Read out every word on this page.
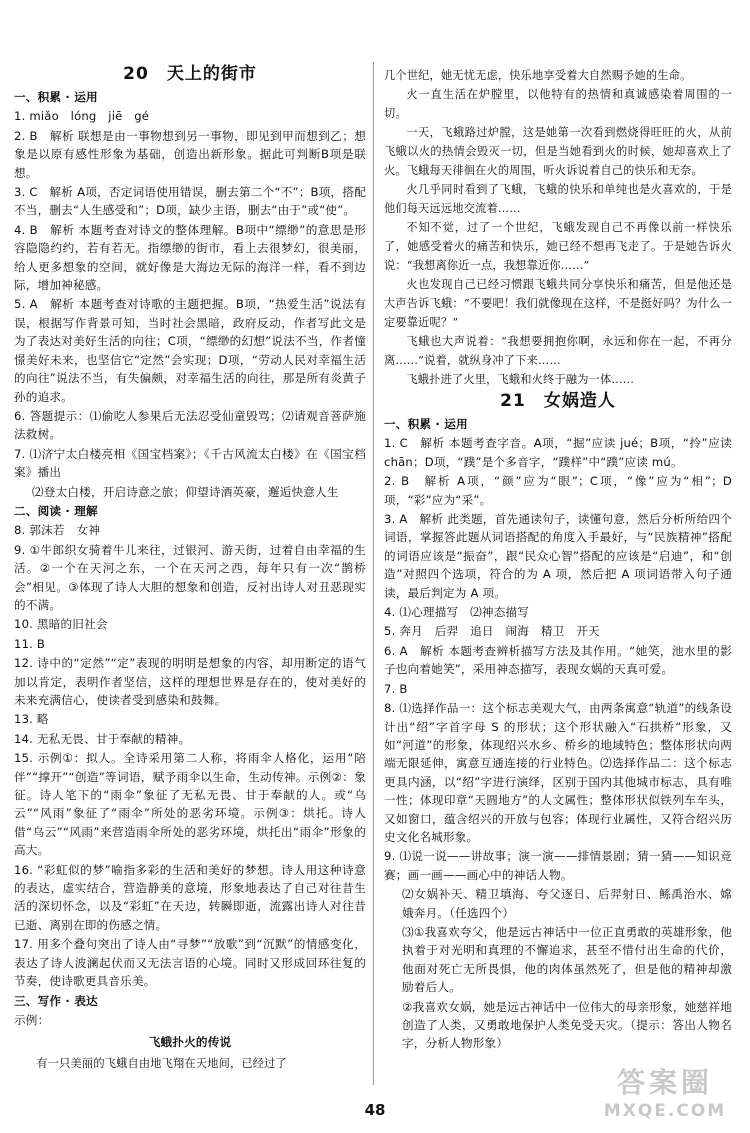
20　天上的街市
一、积累 · 运用

1. miǎo　lóng　jiē　gé

2. B　解析 联想是由一事物想到另一事物，即见到甲而想到乙；想象是以原有感性形象为基础，创造出新形象。据此可判断B项是联想。

3. C　解析 A项，否定词语使用错误，删去第二个“不”；B项，搭配不当，删去“人生感受和”；D项，缺少主语，删去“由于”或“使”。

4. B　解析 本题考查对诗文的整体理解。B项中“缥缈”的意思是形容隐隐约约，若有若无。指缥缈的街市，看上去很梦幻，很美丽，给人更多想象的空间，就好像是大海边无际的海洋一样，看不到边际，增加神秘感。

5. A　解析 本题考查对诗歌的主题把握。B项，“热爱生活”说法有误，根据写作背景可知，当时社会黑暗，政府反动，作者写此文是为了表达对美好生活的向往；C项，“缥缈的幻想”说法不当，作者憧憬美好未来，也坚信它“定然”会实现；D项，“劳动人民对幸福生活的向往”说法不当，有失偏颇，对幸福生活的向往，那是所有炎黄子孙的追求。

6. 答题提示：⑴偷吃人参果后无法忍受仙童毁骂；⑵请观音菩萨施法救树。

7. ⑴济宁太白楼亮相《国宝档案》；《千古风流太白楼》在《国宝档案》播出

⑵登太白楼，开启诗意之旅；仰望诗酒英豪，邂逅快意人生

二、阅读 · 理解

8. 郭沫若　女神

9. ①牛郎织女骑着牛儿来往，过银河、游天街，过着自由幸福的生活。②一个在天河之东，一个在天河之西，每年只有一次“鹊桥会”相见。③体现了诗人大胆的想象和创造，反衬出诗人对丑恶现实的不满。

10. 黑暗的旧社会

11. B

12. 诗中的“定然”“定”表现的明明是想象的内容，却用断定的语气加以肯定，表明作者坚信，这样的理想世界是存在的，使对美好的未来充满信心，使读者受到感染和鼓舞。

13. 略

14. 无私无畏、甘于奉献的精神。

15. 示例①：拟人。全诗采用第二人称，将雨伞人格化，运用“陪伴”“撑开”“创造”等词语，赋予雨伞以生命，生动传神。示例②：象征。诗人笔下的“雨伞”象征了无私无畏、甘于奉献的人。或“乌云”“风雨”象征了“雨伞”所处的恶劣环境。示例③：烘托。诗人借“乌云”“风雨”来营造雨伞所处的恶劣环境，烘托出“雨伞”形象的高大。

16. “彩虹似的梦”喻指多彩的生活和美好的梦想。诗人用这种诗意的表达，虚实结合，营造静美的意境，形象地表达了自己对往昔生活的深切怀念，以及“彩虹”在天边，转瞬即逝，流露出诗人对往昔已逝、离别在即的伤感之情。

17. 用多个叠句突出了诗人由“寻梦”“放歌”到“沉默”的情感变化，表达了诗人波澜起伏而又无法言语的心境。同时又形成回环往复的节奏，使诗歌更具音乐美。

三、写作 · 表达

示例：

飞蛾扑火的传说

有一只美丽的飞蛾自由地飞翔在天地间，已经过了

几个世纪，她无忧无虑，快乐地享受着大自然赐予她的生命。

火一直生活在炉膛里，以他特有的热情和真诚感染着周围的一切。

一天，飞蛾路过炉膛，这是她第一次看到燃烧得旺旺的火，从前飞蛾以火的热情会毁灭一切，但是当她看到火的时候，她却喜欢上了火。飞蛾每天徘徊在火的周围，听火诉说着自己的快乐和无奈。

火几乎同时看到了飞蛾，飞蛾的快乐和单纯也是火喜欢的，于是他们每天远远地交流着……

不知不觉，过了一个世纪，飞蛾发现自己不再像以前一样快乐了，她感受着火的痛苦和快乐，她已经不想再飞走了。于是她告诉火说：“我想离你近一点，我想靠近你……”

火也发现自己已经习惯跟飞蛾共同分享快乐和痛苦，但是他还是大声告诉飞蛾：“不要吧！我们就像现在这样，不是挺好吗？为什么一定要靠近呢？”

飞蛾也大声说着：“我想要拥抱你啊，永远和你在一起，不再分离……”说着，就纵身冲了下来……

飞蛾扑进了火里，飞蛾和火终于融为一体……

21　女娲造人
一、积累 · 运用

1. C　解析 本题考查字音。A项，“掘”应读 jué；B项，“拎”应读 chān；D项，“蹼”是个多音字，“蹼样”中“蹼”应读 mú。

2. B　解析 A项，“颜”应为“眼”；C项，“像”应为“相”；D项，“彩”应为“采”。

3. A　解析 此类题，首先通读句子，读懂句意，然后分析所给四个词语，掌握答此题从词语搭配的角度入手最好，与“民族精神”搭配的词语应该是“振奋”，跟“民众心智”搭配的应该是“启迪”，和“创造”对照四个选项，符合的为 A 项，然后把 A 项词语带入句子通读，最后判定为 A 项。

4. ⑴心理描写　⑵神态描写

5. 奔月　后羿　追日　闹海　精卫　开天

6. A　解析 本题考查辨析描写方法及其作用。“她笑，池水里的影子也向着她笑”，采用神态描写，表现女娲的天真可爱。

7. B

8. ⑴选择作品一：这个标志美观大气，由两条寓意“轨道”的线条设计出“绍”字首字母 S 的形状；这个形状融入“石拱桥”形象，又如“河道”的形象，体现绍兴水乡、桥乡的地域特色；整体形状向两端无限延伸，寓意互通连接的行业特色。⑵选择作品二：这个标志更具内涵，以“绍”字进行演绎，区别于国内其他城市标志，具有唯一性；体现印章“天圆地方”的人文属性；整体形状似铁列车车头，又如窗口，蕴含绍兴的开放与包容；体现行业属性，又符合绍兴历史文化名城形象。

9. ⑴说一说——讲故事；演一演——排情景剧；猜一猜——知识竞赛；画一画——画心中的神话人物。

⑵女娲补天、精卫填海、夸父逐日、后羿射日、鲧禹治水、嫦娥奔月。（任选四个）

⑶①我喜欢夸父，他是远古神话中一位正直勇敢的英雄形象，他执着于对光明和真理的不懈追求，甚至不惜付出生命的代价，他面对死亡无所畏惧，他的肉体虽然死了，但是他的精神却激励着后人。

②我喜欢女娲，她是远古神话中一位伟大的母亲形象，她慈祥地创造了人类，又勇敢地保护人类免受天灾。（提示：答出人物名字，分析人物形象）

48
答案圈
MXQE.COM
